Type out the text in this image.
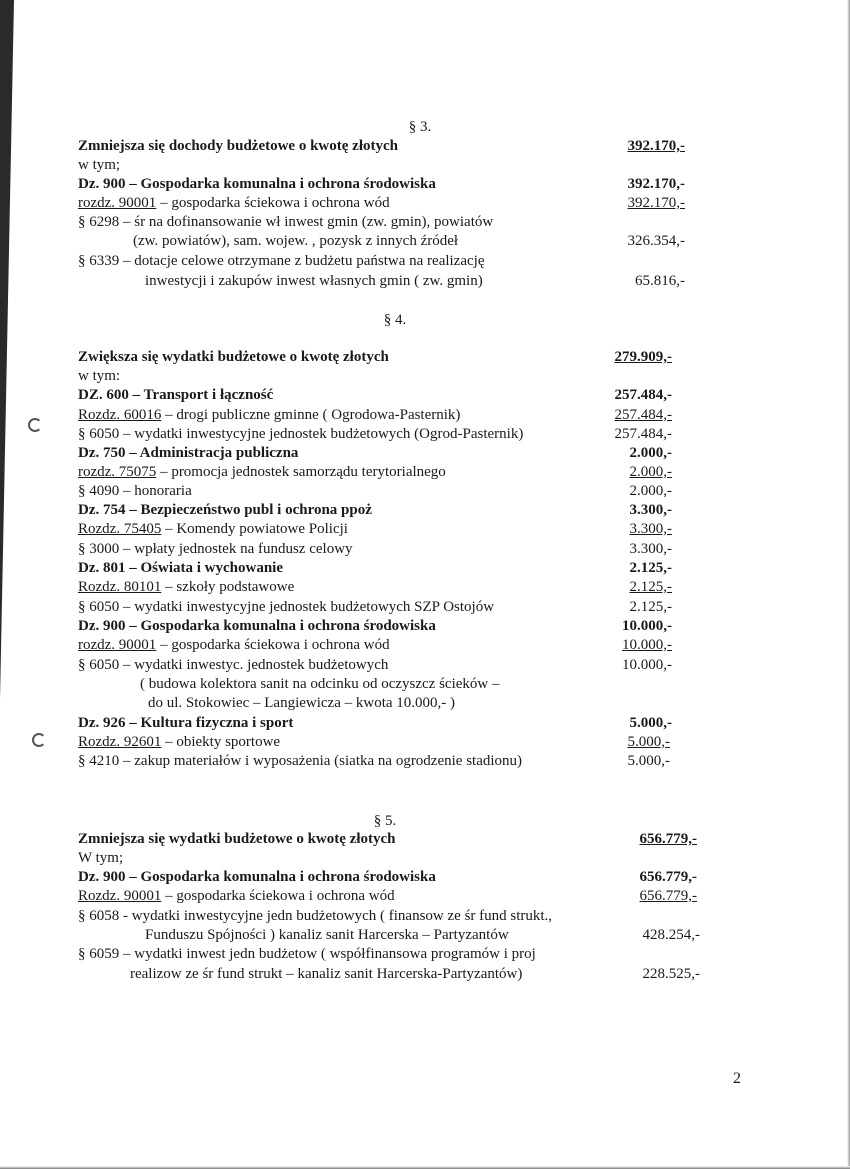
§ 3.
Zmniejsza się dochody budżetowe o kwotę złotych	392.170,-
w tym;
Dz. 900 – Gospodarka komunalna i ochrona środowiska	392.170,-
rozdz. 90001 – gospodarka ściekowa i ochrona wód	392.170,-
§ 6298 – śr na dofinansowanie wł inwest gmin (zw. gmin), powiatów
(zw. powiatów), sam. wojew. , pozysk z innych źródeł	326.354,-
§ 6339 – dotacje celowe otrzymane z budżetu państwa na realizację
inwestycji i zakupów inwest własnych gmin ( zw. gmin)	65.816,-
§ 4.
Zwiększa się wydatki budżetowe o kwotę złotych	279.909,-
w tym:
DZ. 600 – Transport i łączność	257.484,-
Rozdz. 60016 – drogi publiczne gminne ( Ogrodowa-Pasternik)	257.484,-
§ 6050 – wydatki inwestycyjne jednostek budżetowych (Ogrod-Pasternik)	257.484,-
Dz. 750 – Administracja publiczna	2.000,-
rozdz. 75075 – promocja jednostek samorządu terytorialnego	2.000,-
§ 4090 – honoraria	2.000,-
Dz. 754 – Bezpieczeństwo publ i ochrona ppoż	3.300,-
Rozdz. 75405 – Komendy powiatowe Policji	3.300,-
§ 3000 – wpłaty jednostek na fundusz celowy	3.300,-
Dz. 801 – Oświata i wychowanie	2.125,-
Rozdz. 80101 – szkoły podstawowe	2.125,-
§ 6050 – wydatki inwestycyjne jednostek budżetowych SZP Ostojów	2.125,-
Dz. 900 – Gospodarka komunalna i ochrona środowiska	10.000,-
rozdz. 90001 – gospodarka ściekowa i ochrona wód	10.000,-
§ 6050 – wydatki inwestyc. jednostek budżetowych	10.000,-
( budowa kolektora sanit na odcinku od oczyszcz ścieków –
do ul. Stokowiec – Langiewicza – kwota 10.000,- )
Dz. 926 – Kultura fizyczna i sport	5.000,-
Rozdz. 92601 – obiekty sportowe	5.000,-
§ 4210 – zakup materiałów i wyposażenia (siatka na ogrodzenie stadionu)	5.000,-
§ 5.
Zmniejsza się wydatki budżetowe o kwotę złotych	656.779,-
W tym;
Dz. 900 – Gospodarka komunalna i ochrona środowiska	656.779,-
Rozdz. 90001 – gospodarka ściekowa i ochrona wód	656.779,-
§ 6058 - wydatki inwestycyjne jedn budżetowych ( finansow ze śr fund strukt.,
Funduszu Spójności ) kanaliz sanit Harcerska – Partyzantów	428.254,-
§ 6059 – wydatki inwest jedn budżetow ( współfinansowa programów i proj
realizow ze śr fund strukt – kanaliz sanit Harcerska-Partyzantów)	228.525,-
2
